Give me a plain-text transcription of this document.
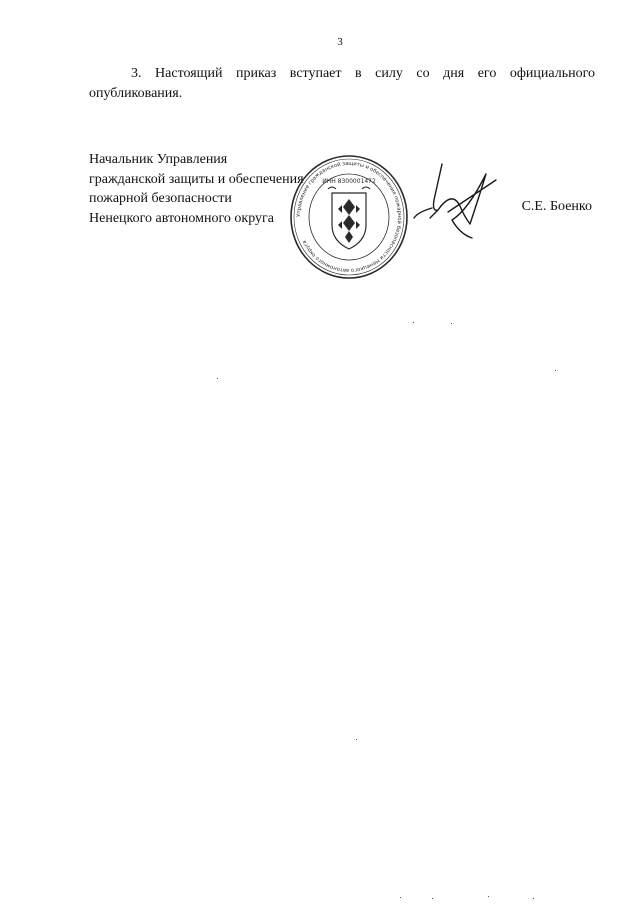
3

3. Настоящий приказ вступает в силу со дня его официального опубликования.

Начальник Управления
гражданской защиты и обеспечения
пожарной безопасности
Ненецкого автономного округа	Управление гражданской защиты и обеспечения пожарной безопасности Ненецкого автономного округа
ИНН 8300001472
С.Е. Боенко
